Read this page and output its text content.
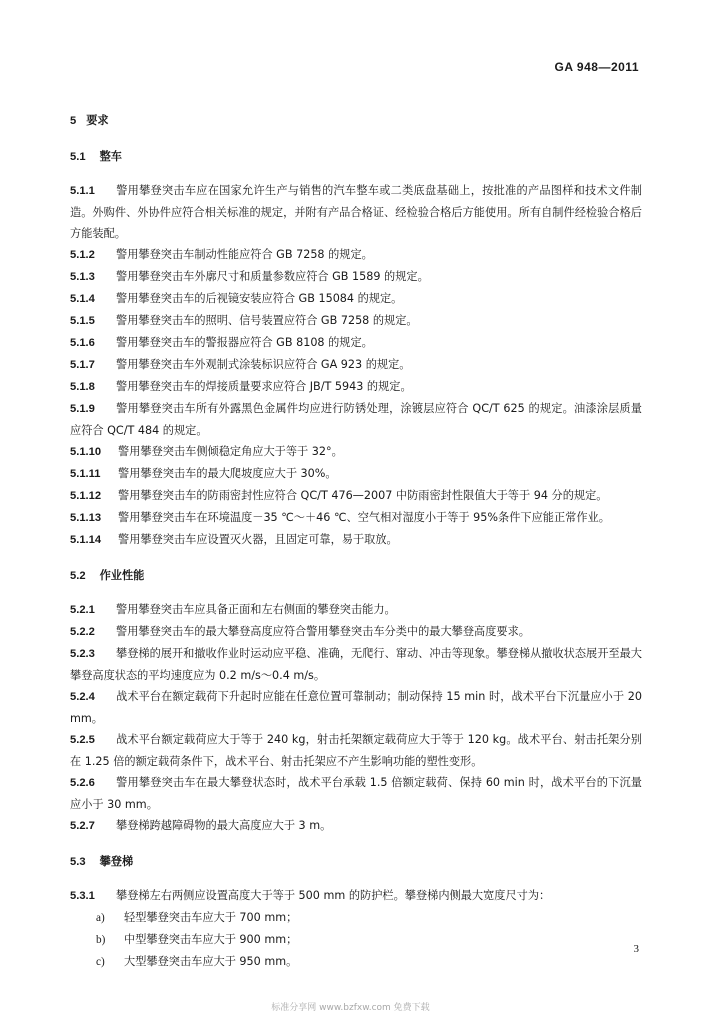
GA 948—2011
5 要求
5.1 整车

5.1.1 警用攀登突击车应在国家允许生产与销售的汽车整车或二类底盘基础上，按批准的产品图样和技术文件制造。外购件、外协件应符合相关标准的规定，并附有产品合格证、经检验合格后方能使用。所有自制件经检验合格后方能装配。

5.1.2 警用攀登突击车制动性能应符合 GB 7258 的规定。

5.1.3 警用攀登突击车外廓尺寸和质量参数应符合 GB 1589 的规定。

5.1.4 警用攀登突击车的后视镜安装应符合 GB 15084 的规定。

5.1.5 警用攀登突击车的照明、信号装置应符合 GB 7258 的规定。

5.1.6 警用攀登突击车的警报器应符合 GB 8108 的规定。

5.1.7 警用攀登突击车外观制式涂装标识应符合 GA 923 的规定。

5.1.8 警用攀登突击车的焊接质量要求应符合 JB/T 5943 的规定。

5.1.9 警用攀登突击车所有外露黑色金属件均应进行防锈处理，涂镀层应符合 QC/T 625 的规定。油漆涂层质量应符合 QC/T 484 的规定。

5.1.10 警用攀登突击车侧倾稳定角应大于等于 32°。

5.1.11 警用攀登突击车的最大爬坡度应大于 30%。

5.1.12 警用攀登突击车的防雨密封性应符合 QC/T 476—2007 中防雨密封性限值大于等于 94 分的规定。

5.1.13 警用攀登突击车在环境温度－35 ℃～＋46 ℃、空气相对湿度小于等于 95%条件下应能正常作业。

5.1.14 警用攀登突击车应设置灭火器，且固定可靠，易于取放。

5.2 作业性能

5.2.1 警用攀登突击车应具备正面和左右侧面的攀登突击能力。

5.2.2 警用攀登突击车的最大攀登高度应符合警用攀登突击车分类中的最大攀登高度要求。

5.2.3 攀登梯的展开和撤收作业时运动应平稳、准确，无爬行、窜动、冲击等现象。攀登梯从撤收状态展开至最大攀登高度状态的平均速度应为 0.2 m/s～0.4 m/s。

5.2.4 战术平台在额定载荷下升起时应能在任意位置可靠制动；制动保持 15 min 时，战术平台下沉量应小于 20 mm。

5.2.5 战术平台额定载荷应大于等于 240 kg，射击托架额定载荷应大于等于 120 kg。战术平台、射击托架分别在 1.25 倍的额定载荷条件下，战术平台、射击托架应不产生影响功能的塑性变形。

5.2.6 警用攀登突击车在最大攀登状态时，战术平台承载 1.5 倍额定载荷、保持 60 min 时，战术平台的下沉量应小于 30 mm。

5.2.7 攀登梯跨越障碍物的最大高度应大于 3 m。

5.3 攀登梯

5.3.1 攀登梯左右两侧应设置高度大于等于 500 mm 的防护栏。攀登梯内侧最大宽度尺寸为：

a) 轻型攀登突击车应大于 700 mm；

b) 中型攀登突击车应大于 900 mm；

c) 大型攀登突击车应大于 950 mm。

3
标准分享网 www.bzfxw.com 免费下载
